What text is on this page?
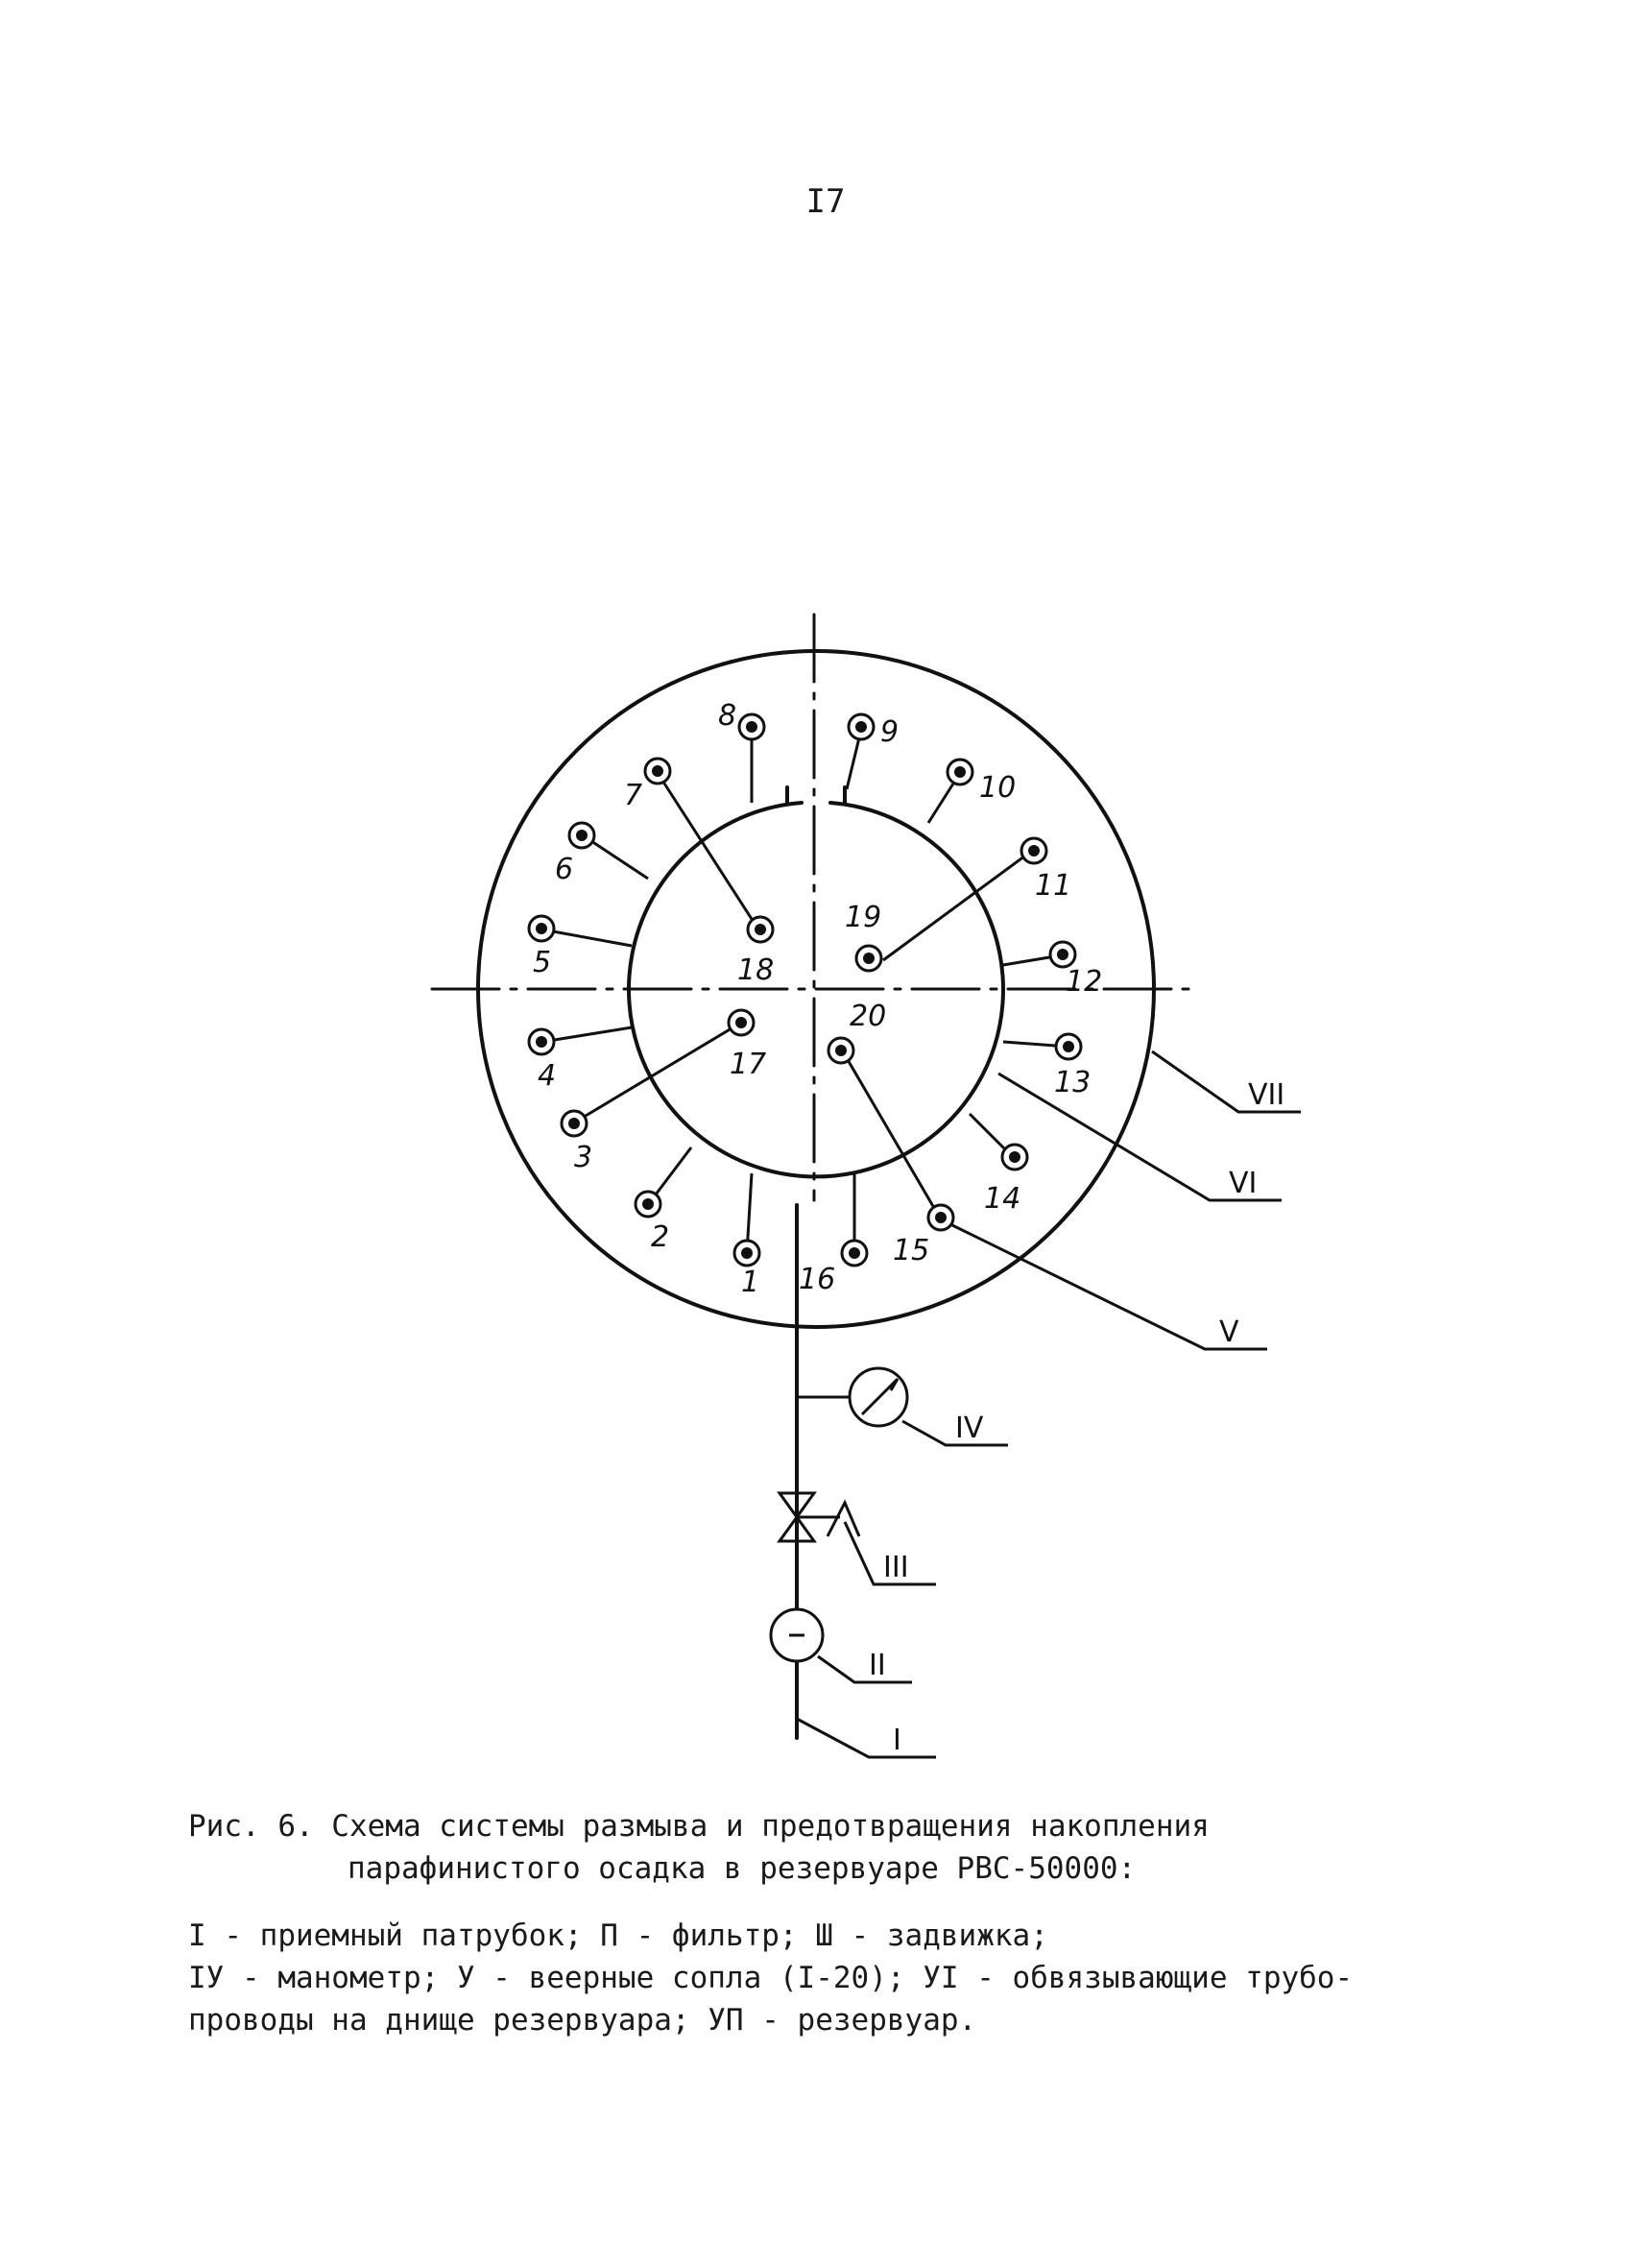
I7
8	9
10
11
12
13
14
15
16
1
2
3
4
5
6
7
18
19
17
20
VII
VI
V
IV
III
II
I
Рис. 6. Схема системы размыва и предотвращения накопления
парафинистого осадка в резервуаре РВС-50000:
I - приемный патрубок; П - фильтр; Ш - задвижка;
IУ - манометр; У - веерные сопла (I-20); УI - обвязывающие трубо-
проводы на днище резервуара; УП - резервуар.
